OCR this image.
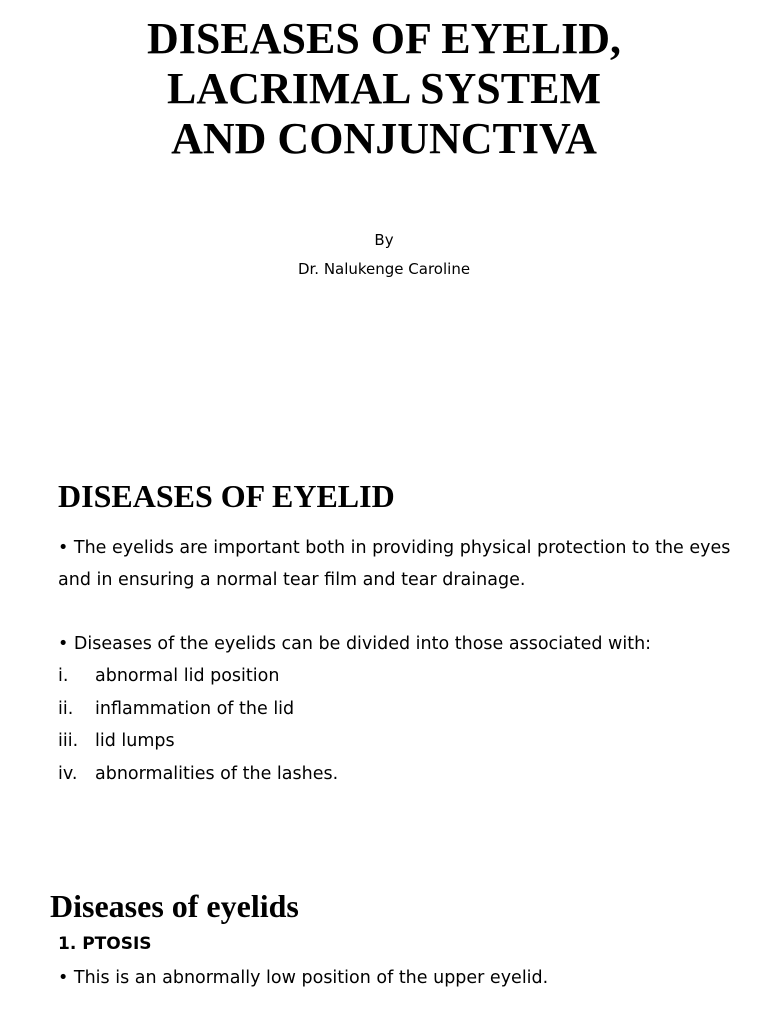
DISEASES OF EYELID,
LACRIMAL SYSTEM
AND CONJUNCTIVA
By
Dr. Nalukenge Caroline
DISEASES OF EYELID

• The eyelids are important both in providing physical protection to the eyes and in ensuring a normal tear film and tear drainage.

• Diseases of the eyelids can be divided into those associated with:

i.	abnormal lid position
ii.	inflammation of the lid
iii. lid lumps
iv.	abnormalities of the lashes.
Diseases of eyelids
1. PTOSIS

• This is an abnormally low position of the upper eyelid.
